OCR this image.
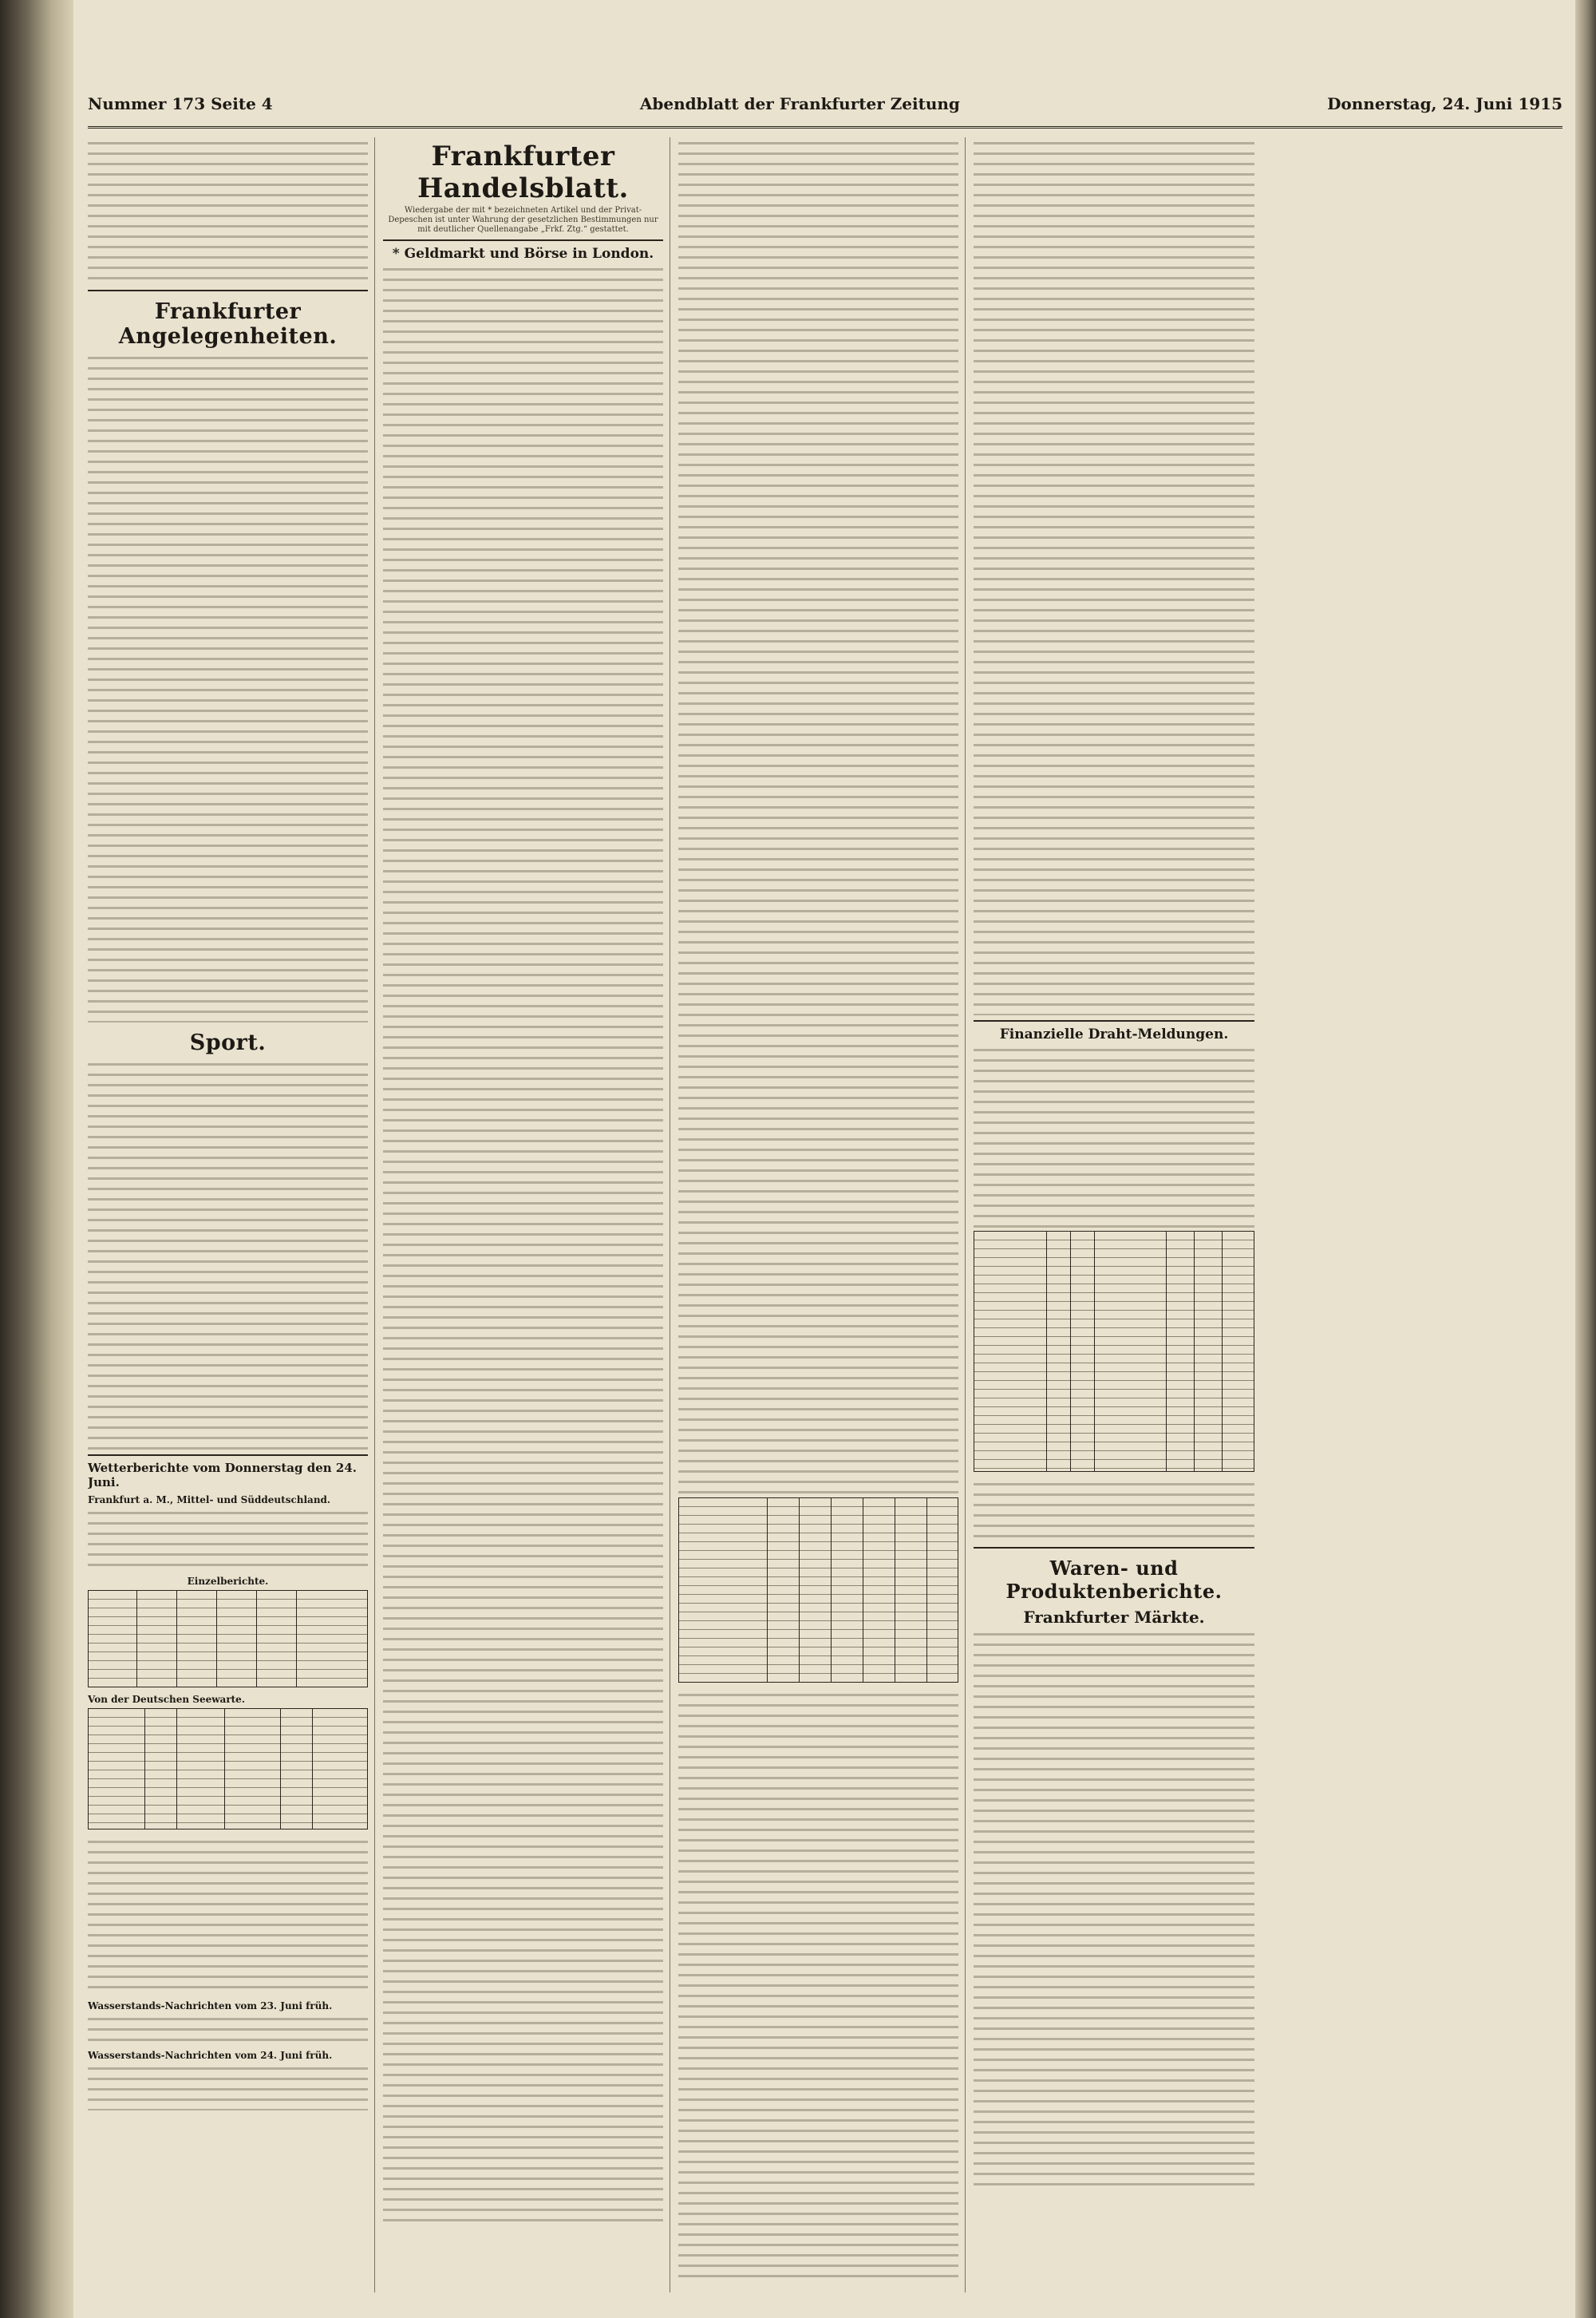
Nummer 173 Seite 4	Abendblatt der Frankfurter Zeitung	Donnerstag, 24. Juni 1915
Frankfurter Angelegenheiten.
Sport.
Wetterberichte vom Donnerstag den 24. Juni.
Frankfurt a. M., Mittel- und Süddeutschland.
Einzelberichte.
Von der Deutschen Seewarte.
Wasserstands-Nachrichten vom 23. Juni früh.
Wasserstands-Nachrichten vom 24. Juni früh.
Frankfurter Handelsblatt.
Wiedergabe der mit * bezeichneten Artikel und der Privat-Depeschen ist unter Wahrung der gesetzlichen Bestimmungen nur mit deutlicher Quellenangabe „Frkf. Ztg.“ gestattet.
* Geldmarkt und Börse in London.
Finanzielle Draht-Meldungen.
Waren- und Produktenberichte.
Frankfurter Märkte.
